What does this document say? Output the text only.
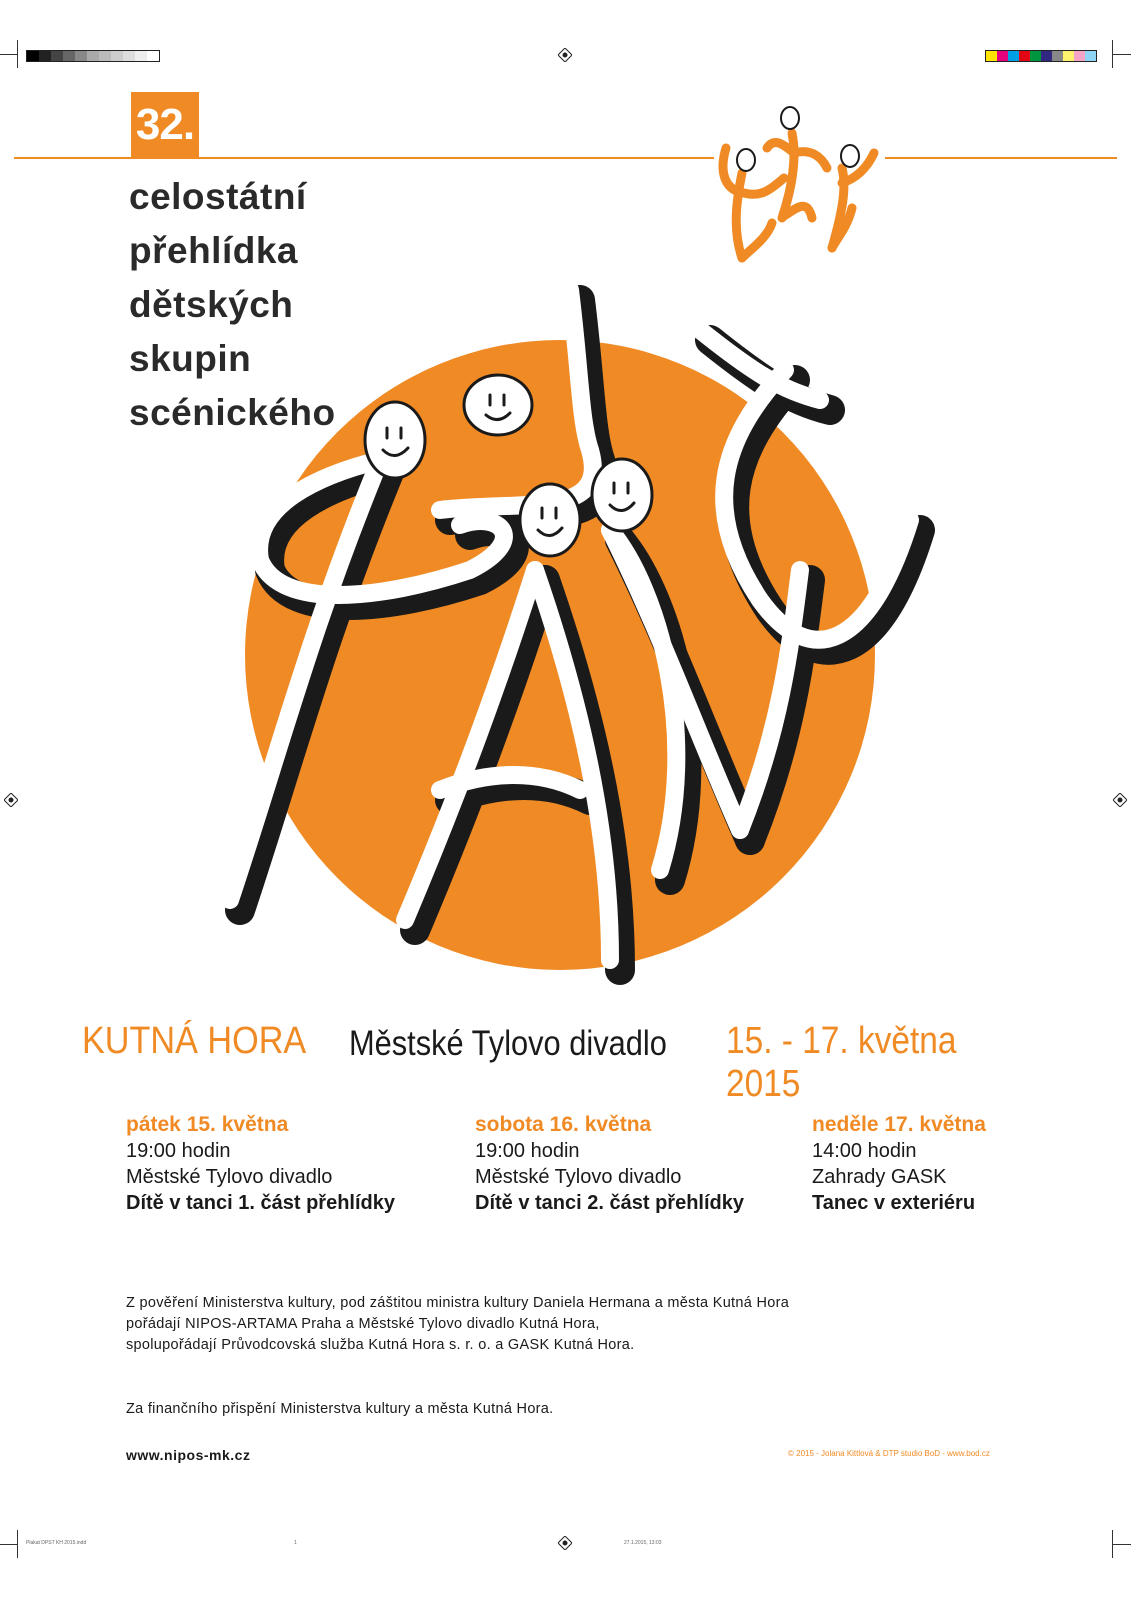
32.
celostátní
přehlídka
dětských
skupin
scénického
KUTNÁ HORA Městské Tylovo divadlo 15. - 17. května 2015
pátek 15. května
19:00 hodin
Městské Tylovo divadlo
Dítě v tanci 1. část přehlídky
sobota 16. května
19:00 hodin
Městské Tylovo divadlo
Dítě v tanci 2. část přehlídky
neděle 17. května
14:00 hodin
Zahrady GASK
Tanec v exteriéru
Z pověření Ministerstva kultury, pod záštitou ministra kultury Daniela Hermana a města Kutná Hora
pořádají NIPOS-ARTAMA Praha a Městské Tylovo divadlo Kutná Hora,
spolupořádají Průvodcovská služba Kutná Hora s. r. o. a GASK Kutná Hora.
Za finančního přispění Ministerstva kultury a města Kutná Hora.
www.nipos-mk.cz	© 2015 - Jolana Kittlová & DTP studio BoD - www.bod.cz
Plakat DPST KH 2015.indd	1	27.1.2015, 13:03
